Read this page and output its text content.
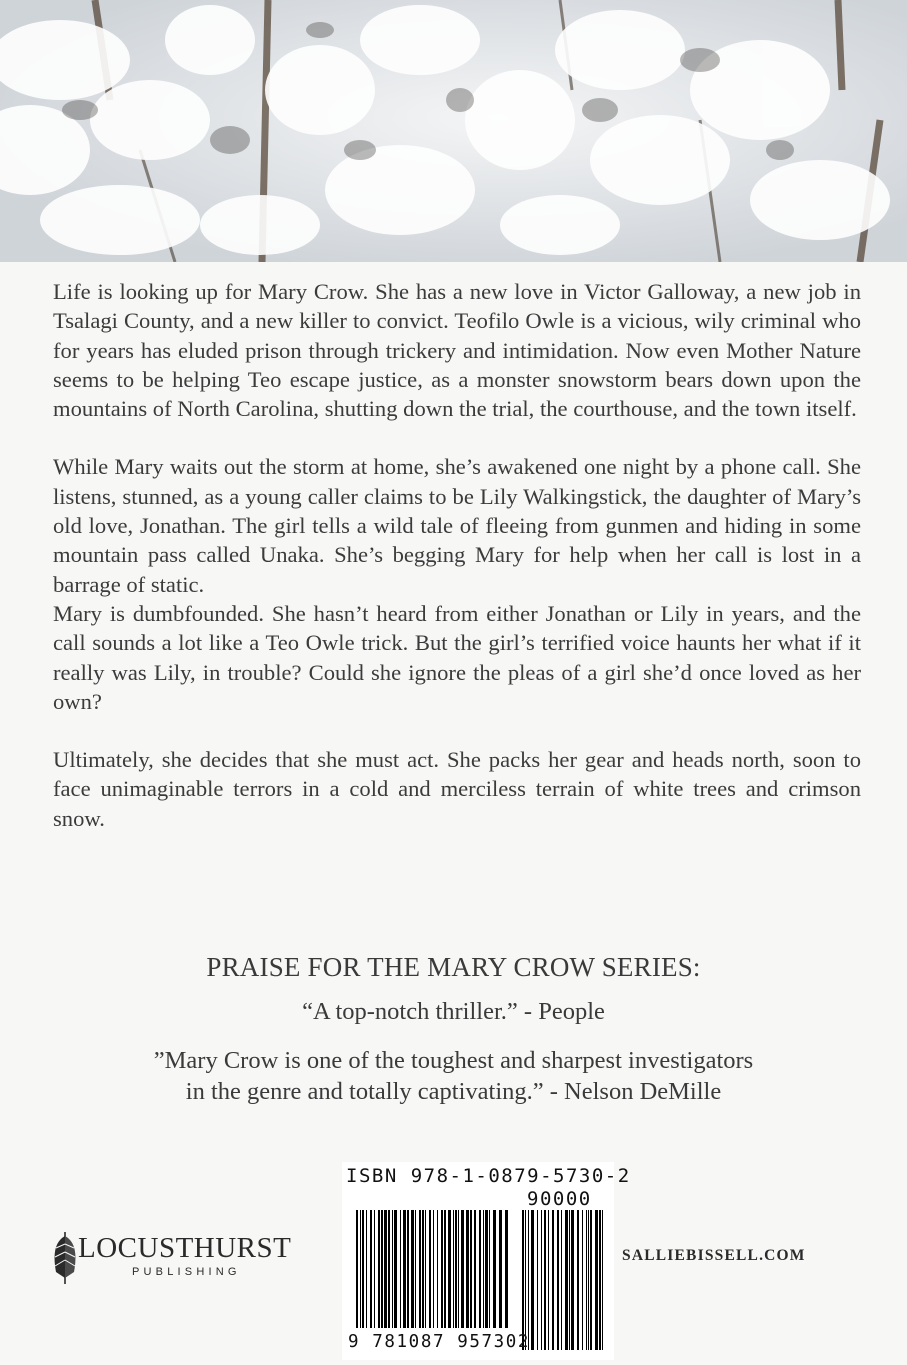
Life is looking up for Mary Crow. She has a new love in Victor Galloway, a new job in Tsalagi County, and a new killer to convict. Teofilo Owle is a vicious, wily criminal who for years has eluded prison through trickery and intimidation. Now even Mother Nature seems to be helping Teo escape justice, as a monster snowstorm bears down upon the mountains of North Carolina, shutting down the trial, the courthouse, and the town itself.

While Mary waits out the storm at home, she’s awakened one night by a phone call. She listens, stunned, as a young caller claims to be Lily Walkingstick, the daughter of Mary’s old love, Jonathan. The girl tells a wild tale of fleeing from gunmen and hiding in some mountain pass called Unaka. She’s begging Mary for help when her call is lost in a barrage of static.

Mary is dumbfounded. She hasn’t heard from either Jonathan or Lily in years, and the call sounds a lot like a Teo Owle trick. But the girl’s terrified voice haunts her what if it really was Lily, in trouble? Could she ignore the pleas of a girl she’d once loved as her own?

Ultimately, she decides that she must act. She packs her gear and heads north, soon to face unimaginable terrors in a cold and merciless terrain of white trees and crimson snow.

PRAISE FOR THE MARY CROW SERIES:
“A top-notch thriller.” - People
”Mary Crow is one of the toughest and sharpest investigators
in the genre and totally captivating.” - Nelson DeMille
ISBN 978-1-0879-5730-2
90000
9 781087 957302
LOCUSTHURST
PUBLISHING
SALLIEBISSELL.COM
